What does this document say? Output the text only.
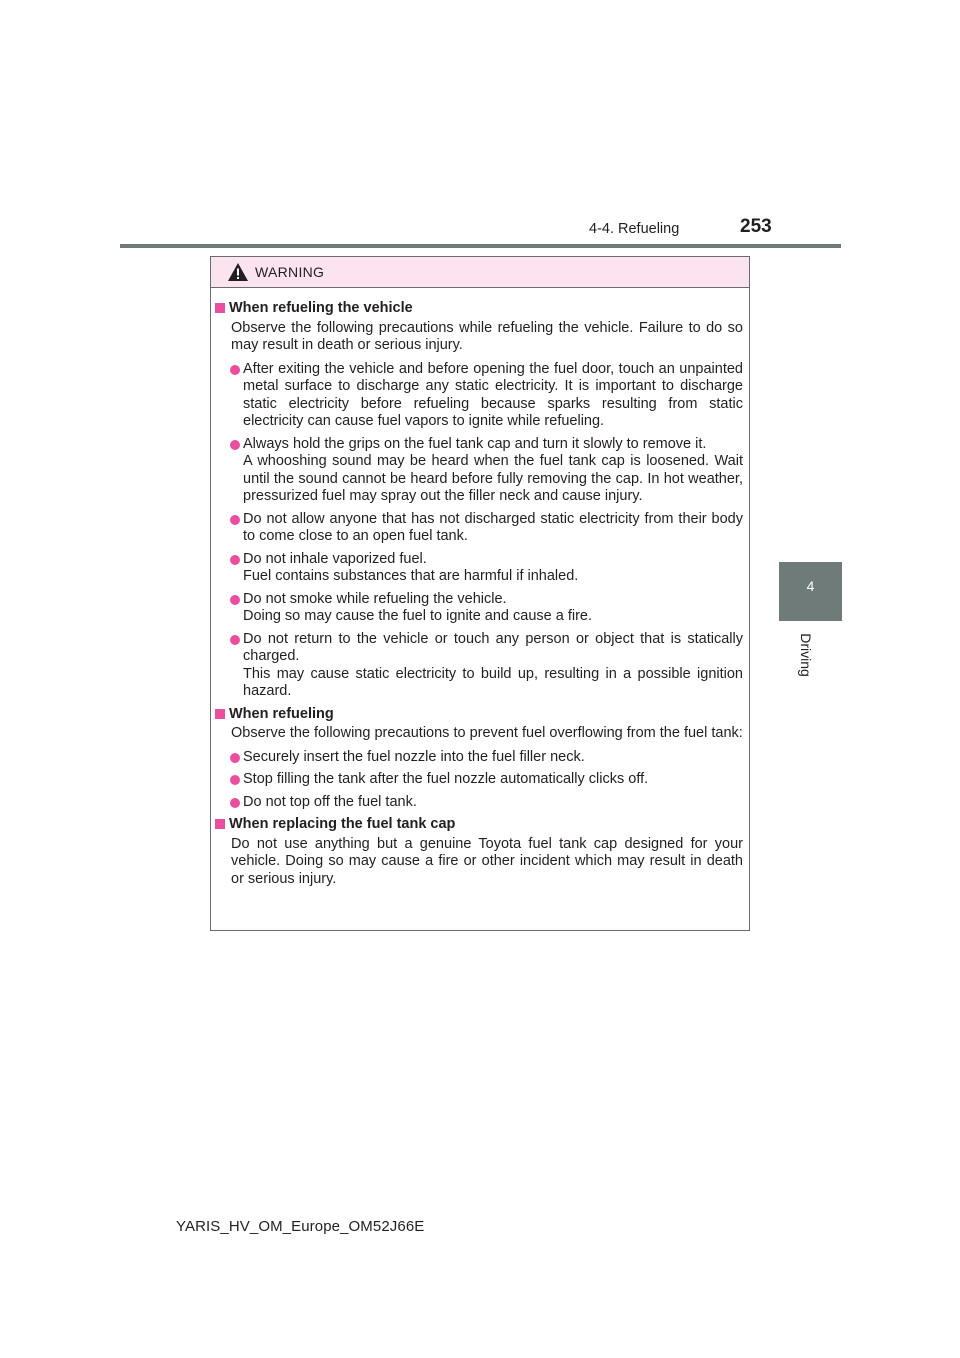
4-4. Refueling	253
4
Driving
WARNING
When refueling the vehicle
Observe the following precautions while refueling the vehicle. Failure to do so may result in death or serious injury.
After exiting the vehicle and before opening the fuel door, touch an unpainted metal surface to discharge any static electricity. It is important to discharge static electricity before refueling because sparks resulting from static electricity can cause fuel vapors to ignite while refueling.
Always hold the grips on the fuel tank cap and turn it slowly to remove it.
A whooshing sound may be heard when the fuel tank cap is loosened. Wait until the sound cannot be heard before fully removing the cap. In hot weather, pressurized fuel may spray out the filler neck and cause injury.
Do not allow anyone that has not discharged static electricity from their body to come close to an open fuel tank.
Do not inhale vaporized fuel.
Fuel contains substances that are harmful if inhaled.
Do not smoke while refueling the vehicle.
Doing so may cause the fuel to ignite and cause a fire.
Do not return to the vehicle or touch any person or object that is statically charged.
This may cause static electricity to build up, resulting in a possible ignition hazard.
When refueling
Observe the following precautions to prevent fuel overflowing from the fuel tank:
Securely insert the fuel nozzle into the fuel filler neck.
Stop filling the tank after the fuel nozzle automatically clicks off.
Do not top off the fuel tank.
When replacing the fuel tank cap
Do not use anything but a genuine Toyota fuel tank cap designed for your vehicle. Doing so may cause a fire or other incident which may result in death or serious injury.
YARIS_HV_OM_Europe_OM52J66E
